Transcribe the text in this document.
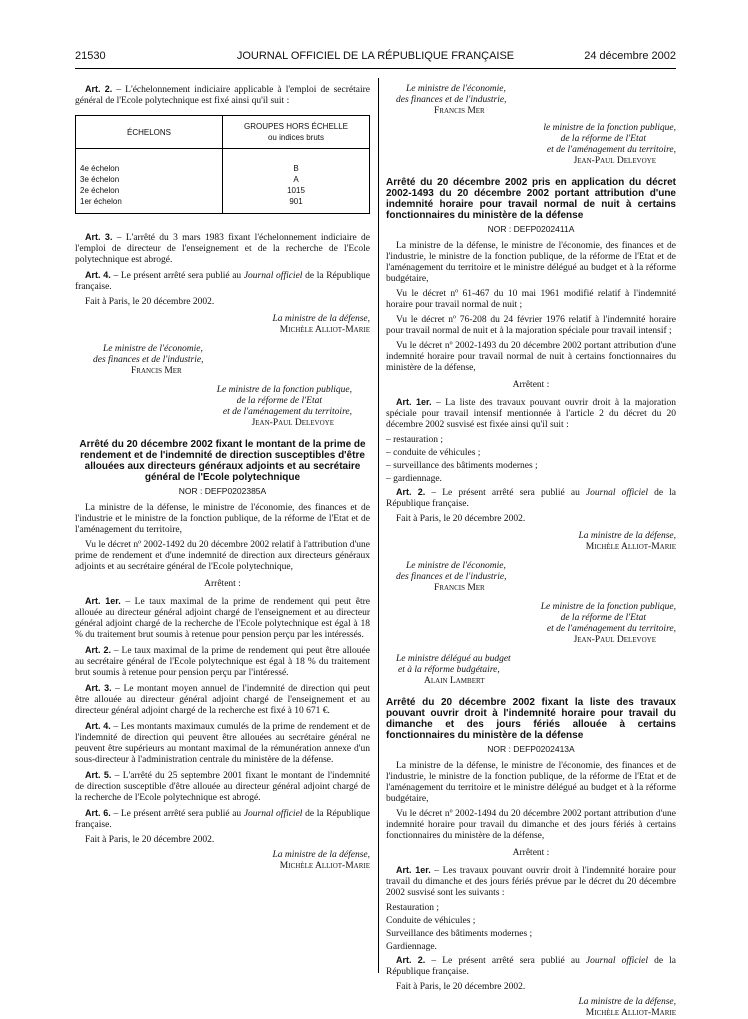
21530	JOURNAL OFFICIEL DE LA RÉPUBLIQUE FRANÇAISE	24 décembre 2002

Art. 2. – L'échelonnement indiciaire applicable à l'emploi de secrétaire général de l'Ecole polytechnique est fixé ainsi qu'il suit :

ÉCHELONS	GROUPES HORS ÉCHELLE
ou indices bruts
4e échelon	B
3e échelon	A
2e échelon	1015
1er échelon	901

Art. 3. – L'arrêté du 3 mars 1983 fixant l'échelonnement indiciaire de l'emploi de directeur de l'enseignement et de la recherche de l'Ecole polytechnique est abrogé.

Art. 4. – Le présent arrêté sera publié au Journal officiel de la République française.

Fait à Paris, le 20 décembre 2002.

La ministre de la défense,

Michèle Alliot-Marie

Le ministre de l'économie,
des finances et de l'industrie,
Francis Mer

Le ministre de la fonction publique,

de la réforme de l'Etat

et de l'aménagement du territoire,

Jean-Paul Delevoye

Arrêté du 20 décembre 2002 fixant le montant de la prime de rendement et de l'indemnité de direction susceptibles d'être allouées aux directeurs généraux adjoints et au secrétaire général de l'Ecole polytechnique
NOR : DEFP0202385A

La ministre de la défense, le ministre de l'économie, des finances et de l'industrie et le ministre de la fonction publique, de la réforme de l'Etat et de l'aménagement du territoire,

Vu le décret nº 2002-1492 du 20 décembre 2002 relatif à l'attribution d'une prime de rendement et d'une indemnité de direction aux directeurs généraux adjoints et au secrétaire général de l'Ecole polytechnique,

Arrêtent :

Art. 1er. – Le taux maximal de la prime de rendement qui peut être allouée au directeur général adjoint chargé de l'enseignement et au directeur général adjoint chargé de la recherche de l'Ecole polytechnique est égal à 18 % du traitement brut soumis à retenue pour pension perçu par les intéressés.

Art. 2. – Le taux maximal de la prime de rendement qui peut être allouée au secrétaire général de l'Ecole polytechnique est égal à 18 % du traitement brut soumis à retenue pour pension perçu par l'intéressé.

Art. 3. – Le montant moyen annuel de l'indemnité de direction qui peut être allouée au directeur général adjoint chargé de l'enseignement et au directeur général adjoint chargé de la recherche est fixé à 10 671 €.

Art. 4. – Les montants maximaux cumulés de la prime de rendement et de l'indemnité de direction qui peuvent être allouées au secrétaire général ne peuvent être supérieurs au montant maximal de la rémunération annexe d'un sous-directeur à l'administration centrale du ministère de la défense.

Art. 5. – L'arrêté du 25 septembre 2001 fixant le montant de l'indemnité de direction susceptible d'être allouée au directeur général adjoint chargé de la recherche de l'Ecole polytechnique est abrogé.

Art. 6. – Le présent arrêté sera publié au Journal officiel de la République française.

Fait à Paris, le 20 décembre 2002.

La ministre de la défense,

Michèle Alliot-Marie

Le ministre de l'économie,
des finances et de l'industrie,
Francis Mer

le ministre de la fonction publique,

de la réforme de l'Etat

et de l'aménagement du territoire,

Jean-Paul Delevoye

Arrêté du 20 décembre 2002 pris en application du décret 2002-1493 du 20 décembre 2002 portant attribution d'une indemnité horaire pour travail normal de nuit à certains fonctionnaires du ministère de la défense
NOR : DEFP0202411A

La ministre de la défense, le ministre de l'économie, des finances et de l'industrie, le ministre de la fonction publique, de la réforme de l'Etat et de l'aménagement du territoire et le ministre délégué au budget et à la réforme budgétaire,

Vu le décret nº 61-467 du 10 mai 1961 modifié relatif à l'indemnité horaire pour travail normal de nuit ;

Vu le décret nº 76-208 du 24 février 1976 relatif à l'indemnité horaire pour travail normal de nuit et à la majoration spéciale pour travail intensif ;

Vu le décret nº 2002-1493 du 20 décembre 2002 portant attribution d'une indemnité horaire pour travail normal de nuit à certains fonctionnaires du ministère de la défense,

Arrêtent :

Art. 1er. – La liste des travaux pouvant ouvrir droit à la majoration spéciale pour travail intensif mentionnée à l'article 2 du décret du 20 décembre 2002 susvisé est fixée ainsi qu'il suit :

– restauration ;

– conduite de véhicules ;

– surveillance des bâtiments modernes ;

– gardiennage.

Art. 2. – Le présent arrêté sera publié au Journal officiel de la République française.

Fait à Paris, le 20 décembre 2002.

La ministre de la défense,

Michèle Alliot-Marie

Le ministre de l'économie,
des finances et de l'industrie,
Francis Mer

Le ministre de la fonction publique,

de la réforme de l'Etat

et de l'aménagement du territoire,

Jean-Paul Delevoye

Le ministre délégué au budget
et à la réforme budgétaire,
Alain Lambert

Arrêté du 20 décembre 2002 fixant la liste des travaux pouvant ouvrir droit à l'indemnité horaire pour travail du dimanche et des jours fériés allouée à certains fonctionnaires du ministère de la défense
NOR : DEFP0202413A

La ministre de la défense, le ministre de l'économie, des finances et de l'industrie, le ministre de la fonction publique, de la réforme de l'Etat et de l'aménagement du territoire et le ministre délégué au budget et à la réforme budgétaire,

Vu le décret nº 2002-1494 du 20 décembre 2002 portant attribution d'une indemnité horaire pour travail du dimanche et des jours fériés à certains fonctionnaires du ministère de la défense,

Arrêtent :

Art. 1er. – Les travaux pouvant ouvrir droit à l'indemnité horaire pour travail du dimanche et des jours fériés prévue par le décret du 20 décembre 2002 susvisé sont les suivants :

Restauration ;

Conduite de véhicules ;

Surveillance des bâtiments modernes ;

Gardiennage.

Art. 2. – Le présent arrêté sera publié au Journal officiel de la République française.

Fait à Paris, le 20 décembre 2002.

La ministre de la défense,

Michèle Alliot-Marie
